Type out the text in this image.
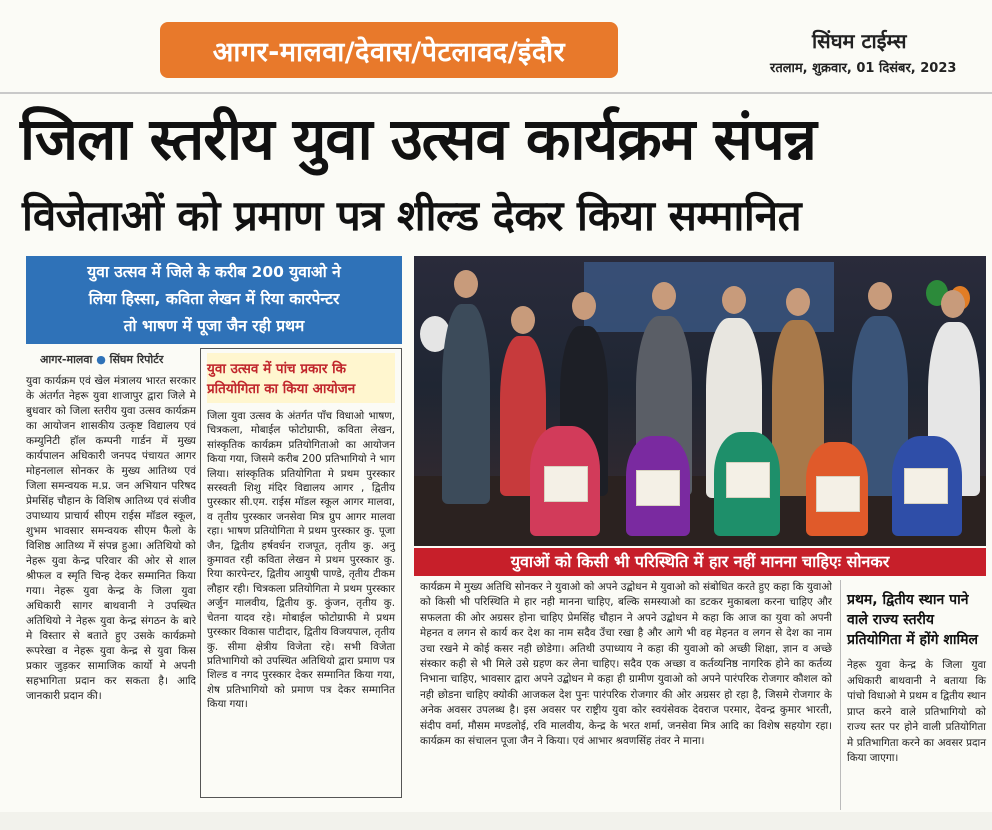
आगर-मालवा/देवास/पेटलावद/इंदौर	सिंघम टाईम्स
रतलाम, शुक्रवार, 01 दिसंबर, 2023
जिला स्तरीय युवा उत्सव कार्यक्रम संपन्न
विजेताओं को प्रमाण पत्र शील्ड देकर किया सम्मानित
युवा उत्सव में जिले के करीब 200 युवाओ ने
लिया हिस्सा, कविता लेखन में रिया कारपेन्टर
तो भाषण में पूजा जैन रही प्रथम
युवाओं को किसी भी परिस्थिति में हार नहीं मानना चाहिएः सोनकर
आगर-मालवा ● सिंघम रिपोर्टर
युवा कार्यक्रम एवं खेल मंत्रालय भारत सरकार के अंतर्गत नेहरू युवा शाजापुर द्वारा जिले मे बुधवार को जिला स्तरीय युवा उत्सव कार्यक्रम का आयोजन शासकीय उत्कृष्ट विद्यालय एवं कम्युनिटी हॉल कम्पनी गार्डन में मुख्य कार्यपालन अधिकारी जनपद पंचायत आगर मोहनलाल सोनकर के मुख्य आतिथ्य एवं जिला समन्वयक म.प्र. जन अभियान परिषद प्रेमसिंह चौहान के विशिष आतिथ्य एवं संजीव उपाध्याय प्राचार्य सीएम राईस मॉडल स्कूल, शुभम भावसार समन्वयक सीएम फैलो के विशिष्ठ आतिथ्य में संपन्न हुआ। अतिथियो को नेहरू युवा केन्द्र परिवार की ओर से शाल श्रीफल व स्मृति चिन्ह देकर सम्मानित किया गया। नेहरू युवा केन्द्र के जिला युवा अधिकारी सागर बाथवानी ने उपस्थित अतिथियो ने नेहरू युवा केन्द्र संगठन के बारे मे विस्तार से बताते हुए उसके कार्यक्रमो रूपरेखा व नेहरू युवा केन्द्र से युवा किस प्रकार जुड़कर सामाजिक कार्यो मे अपनी सहभागिता प्रदान कर सकता है। आदि जानकारी प्रदान की।
युवा उत्सव में पांच प्रकार कि प्रतियोगिता का किया आयोजन

जिला युवा उत्सव के अंतर्गत पाँच विधाओ भाषण, चित्रकला, मोबाईल फोटोग्राफी, कविता लेखन, सांस्कृतिक कार्यक्रम प्रतियोगिताओ का आयोजन किया गया, जिसमे करीब 200 प्रतिभागियो ने भाग लिया। सांस्कृतिक प्रतियोगिता मे प्रथम पुरस्कार सरस्वती शिशु मंदिर विद्यालय आगर , द्वितीय पुरस्कार सी.एम. राईस मॉडल स्कूल आगर मालवा, व तृतीय पुरस्कार जनसेवा मित्र ग्रुप आगर मालवा रहा। भाषण प्रतियोगिता मे प्रथम पुरस्कार कु. पूजा जैन, द्वितीय हर्षवर्धन राजपूत, तृतीय कु. अनु कुमावत रही कविता लेखन मे प्रथम पुरस्कार कु. रिया कारपेन्टर, द्वितीय आयुषी पाण्डे, तृतीय टीकम लौहार रही। चित्रकला प्रतियोगिता मे प्रथम पुरस्कार अर्जुन मालवीय, द्वितीय कु. कुंजन, तृतीय कु. चेतना यादव रहे। मोबाईल फोटोग्राफी मे प्रथम पुरस्कार विकास पाटीदार, द्वितीय विजयपाल, तृतीय कु. सीमा क्षेत्रीय विजेता रहे। सभी विजेता प्रतिभागियो को उपस्थित अतिथियो द्वारा प्रमाण पत्र शिल्ड व नगद पुरस्कार देकर सम्मानित किया गया, शेष प्रतिभागियो को प्रमाण पत्र देकर सम्मानित किया गया।

कार्यक्रम मे मुख्य अतिथि सोनकर ने युवाओ को अपने उद्बोधन मे युवाओ को संबोधित करते हुए कहा कि युवाओ को किसी भी परिस्थिति मे हार नही मानना चाहिए, बल्कि समस्याओ का डटकर मुकाबला करना चाहिए और सफलता की ओर अग्रसर होना चाहिए प्रेमसिंह चौहान ने अपने उद्बोधन मे कहा कि आज का युवा को अपनी मेहनत व लगन से कार्य कर देश का नाम सदैव उँचा रखा है और आगे भी वह मेहनत व लगन से देश का नाम उचा रखने मे कोई कसर नही छोडेगा। अतिथी उपाध्याय ने कहा की युवाओ को अच्छी शिक्षा, ज्ञान व अच्छे संस्कार कही से भी मिले उसे ग्रहण कर लेना चाहिए। सदैव एक अच्छा व कर्तव्यनिष्ठ नागरिक होने का कर्तव्य निभाना चाहिए, भावसार द्वारा अपने उद्बोधन मे कहा ही ग्रामीण युवाओ को अपने पारंपरिक रोजगार कौशल को नही छोडना चाहिए क्योकी आजकल देश पुनः पारंपरिक रोजगार की ओर अग्रसर हो रहा है, जिसमे रोजगार के अनेक अवसर उपलब्ध है। इस अवसर पर राष्ट्रीय युवा कोर स्वयंसेवक देवराज परमार, देवन्द्र कुमार भारती, संदीप वर्मा, मौसम मण्डलोई, रवि मालवीय, केन्द्र के भरत शर्मा, जनसेवा मित्र आदि का विशेष सहयोग रहा। कार्यक्रम का संचालन पूजा जैन ने किया। एवं आभार श्रवणसिंह तंवर ने माना।
प्रथम, द्वितीय स्थान पाने वाले राज्य स्तरीय प्रतियोगिता में होंगे शामिल

नेहरू युवा केन्द्र के जिला युवा अधिकारी बाथवानी ने बताया कि पांचो विधाओ मे प्रथम व द्वितीय स्थान प्राप्त करने वाले प्रतिभागियो को राज्य स्तर पर होने वाली प्रतियोगिता मे प्रतिभागिता करने का अवसर प्रदान किया जाएगा।
